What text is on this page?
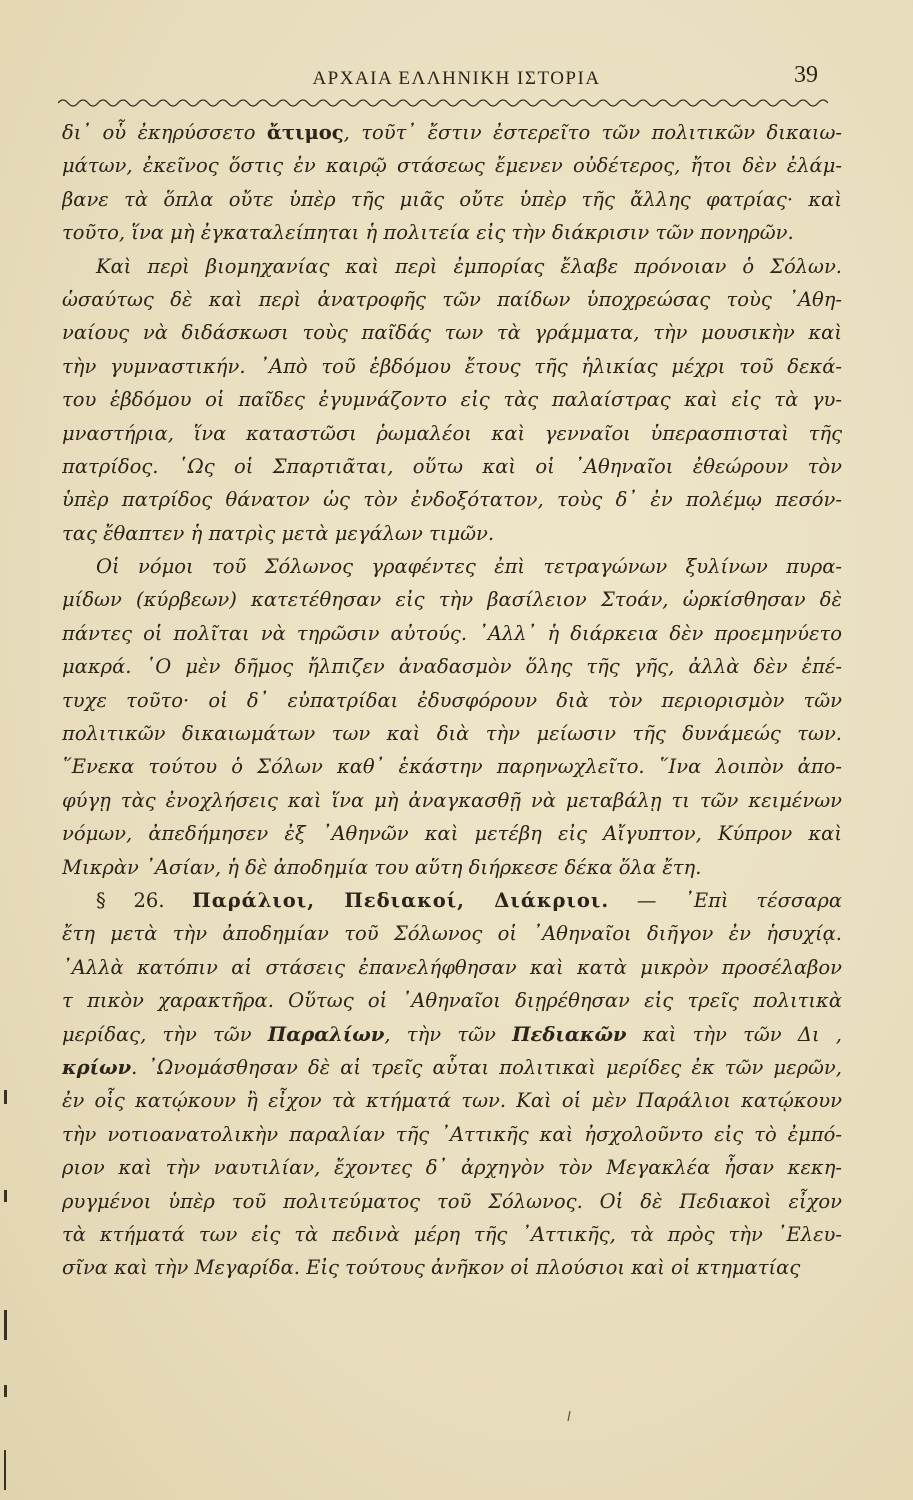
ΑΡΧΑΙΑ ΕΛΛΗΝΙΚΗ ΙΣΤΟΡΙΑ	39
δι᾽ οὗ ἐκηρύσσετο ἄτιμος, τοῦτ᾽ ἔστιν ἐστερεῖτο τῶν πολιτικῶν δικαιω-
μάτων, ἐκεῖνος ὅστις ἐν καιρῷ στάσεως ἔμενεν οὐδέτερος, ἤτοι δὲν ἐλάμ-
βανε τὰ ὅπλα οὔτε ὑπὲρ τῆς μιᾶς οὔτε ὑπὲρ τῆς ἄλλης φατρίας· καὶ
τοῦτο, ἵνα μὴ ἐγκαταλείπηται ἡ πολιτεία εἰς τὴν διάκρισιν τῶν πονηρῶν.
Καὶ περὶ βιομηχανίας καὶ περὶ ἐμπορίας ἔλαβε πρόνοιαν ὁ Σόλων.
ὡσαύτως δὲ καὶ περὶ ἀνατροφῆς τῶν παίδων ὑποχρεώσας τοὺς ᾿Αθη-
ναίους νὰ διδάσκωσι τοὺς παῖδάς των τὰ γράμματα, τὴν μουσικὴν καὶ
τὴν γυμναστικήν. ᾿Απὸ τοῦ ἑβδόμου ἔτους τῆς ἡλικίας μέχρι τοῦ δεκά-
του ἑβδόμου οἱ παῖδες ἐγυμνάζοντο εἰς τὰς παλαίστρας καὶ εἰς τὰ γυ-
μναστήρια, ἵνα καταστῶσι ῥωμαλέοι καὶ γενναῖοι ὑπερασπισταὶ τῆς
πατρίδος. ῾Ως οἱ Σπαρτιᾶται, οὕτω καὶ οἱ ᾿Αθηναῖοι ἐθεώρουν τὸν
ὑπὲρ πατρίδος θάνατον ὡς τὸν ἐνδοξότατον, τοὺς δ᾽ ἐν πολέμῳ πεσόν-
τας ἔθαπτεν ἡ πατρὶς μετὰ μεγάλων τιμῶν.
Οἱ νόμοι τοῦ Σόλωνος γραφέντες ἐπὶ τετραγώνων ξυλίνων πυρα-
μίδων (κύρβεων) κατετέθησαν εἰς τὴν βασίλειον Στοάν, ὡρκίσθησαν δὲ
πάντες οἱ πολῖται νὰ τηρῶσιν αὐτούς. ᾿Αλλ᾽ ἡ διάρκεια δὲν προεμηνύετο
μακρά. ῾Ο μὲν δῆμος ἤλπιζεν ἀναδασμὸν ὅλης τῆς γῆς, ἀλλὰ δὲν ἐπέ-
τυχε τοῦτο· οἱ δ᾽ εὐπατρίδαι ἐδυσφόρουν διὰ τὸν περιορισμὸν τῶν
πολιτικῶν δικαιωμάτων των καὶ διὰ τὴν μείωσιν τῆς δυνάμεώς των.
῞Ενεκα τούτου ὁ Σόλων καθ᾽ ἑκάστην παρηνωχλεῖτο. ῞Ινα λοιπὸν ἀπο-
φύγῃ τὰς ἐνοχλήσεις καὶ ἵνα μὴ ἀναγκασθῇ νὰ μεταβάλῃ τι τῶν κειμένων
νόμων, ἀπεδήμησεν ἐξ ᾿Αθηνῶν καὶ μετέβη εἰς Αἴγυπτον, Κύπρον καὶ
Μικρὰν ᾿Ασίαν, ἡ δὲ ἀποδημία του αὕτη διήρκεσε δέκα ὅλα ἔτη.
§ 26. Παράλιοι, Πεδιακοί, Διάκριοι. — ᾿Επὶ τέσσαρα
ἔτη μετὰ τὴν ἀποδημίαν τοῦ Σόλωνος οἱ ᾿Αθηναῖοι διῆγον ἐν ἡσυχίᾳ.
᾿Αλλὰ κατόπιν αἱ στάσεις ἐπανελήφθησαν καὶ κατὰ μικρὸν προσέλαβον
τ πικὸν χαρακτῆρα. Οὕτως οἱ ᾿Αθηναῖοι διῃρέθησαν εἰς τρεῖς πολιτικὰ
μερίδας, τὴν τῶν Παραλίων, τὴν τῶν Πεδιακῶν καὶ τὴν τῶν Δι ,
κρίων. ᾿Ωνομάσθησαν δὲ αἱ τρεῖς αὗται πολιτικαὶ μερίδες ἐκ τῶν μερῶν,
ἐν οἷς κατῴκουν ἢ εἶχον τὰ κτήματά των. Καὶ οἱ μὲν Παράλιοι κατῴκουν
τὴν νοτιοανατολικὴν παραλίαν τῆς ᾿Αττικῆς καὶ ἠσχολοῦντο εἰς τὸ ἐμπό-
ριον καὶ τὴν ναυτιλίαν, ἔχοντες δ᾽ ἀρχηγὸν τὸν Μεγακλέα ἦσαν κεκη-
ρυγμένοι ὑπὲρ τοῦ πολιτεύματος τοῦ Σόλωνος. Οἱ δὲ Πεδιακοὶ εἶχον
τὰ κτήματά των εἰς τὰ πεδινὰ μέρη τῆς ᾿Αττικῆς, τὰ πρὸς τὴν ᾿Ελευ-
σῖνα καὶ τὴν Μεγαρίδα. Εἰς τούτους ἀνῆκον οἱ πλούσιοι καὶ οἱ κτηματίας
